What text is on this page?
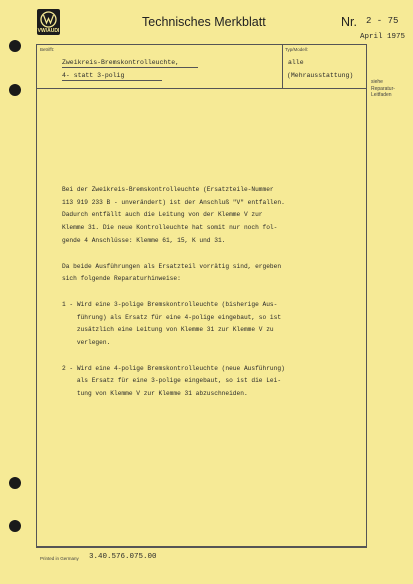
VW/AUDI
Technisches Merkblatt	Nr. 2 - 75
April 1975
Betrifft:
Zweikreis-Bremskontrolleuchte,
4- statt 3-polig
Typ/Modell:
alle
(Mehrausstattung)
siehe
Reparatur-
Leitfaden

Bei der Zweikreis-Bremskontrolleuchte (Ersatzteile-Nummer

113 919 233 B - unverändert) ist der Anschluß "V" entfallen.

Dadurch entfällt auch die Leitung von der Klemme V zur

Klemme 31. Die neue Kontrolleuchte hat somit nur noch fol-

gende 4 Anschlüsse: Klemme 61, 15, K und 31.

Da beide Ausführungen als Ersatzteil vorrätig sind, ergeben

sich folgende Reparaturhinweise:

1 - Wird eine 3-polige Bremskontrolleuchte (bisherige Aus-

führung) als Ersatz für eine 4-polige eingebaut, so ist

zusätzlich eine Leitung von Klemme 31 zur Klemme V zu

verlegen.

2 - Wird eine 4-polige Bremskontrolleuchte (neue Ausführung)

als Ersatz für eine 3-polige eingebaut, so ist die Lei-

tung von Klemme V zur Klemme 31 abzuschneiden.

Printed in Germany 3.40.576.075.00
